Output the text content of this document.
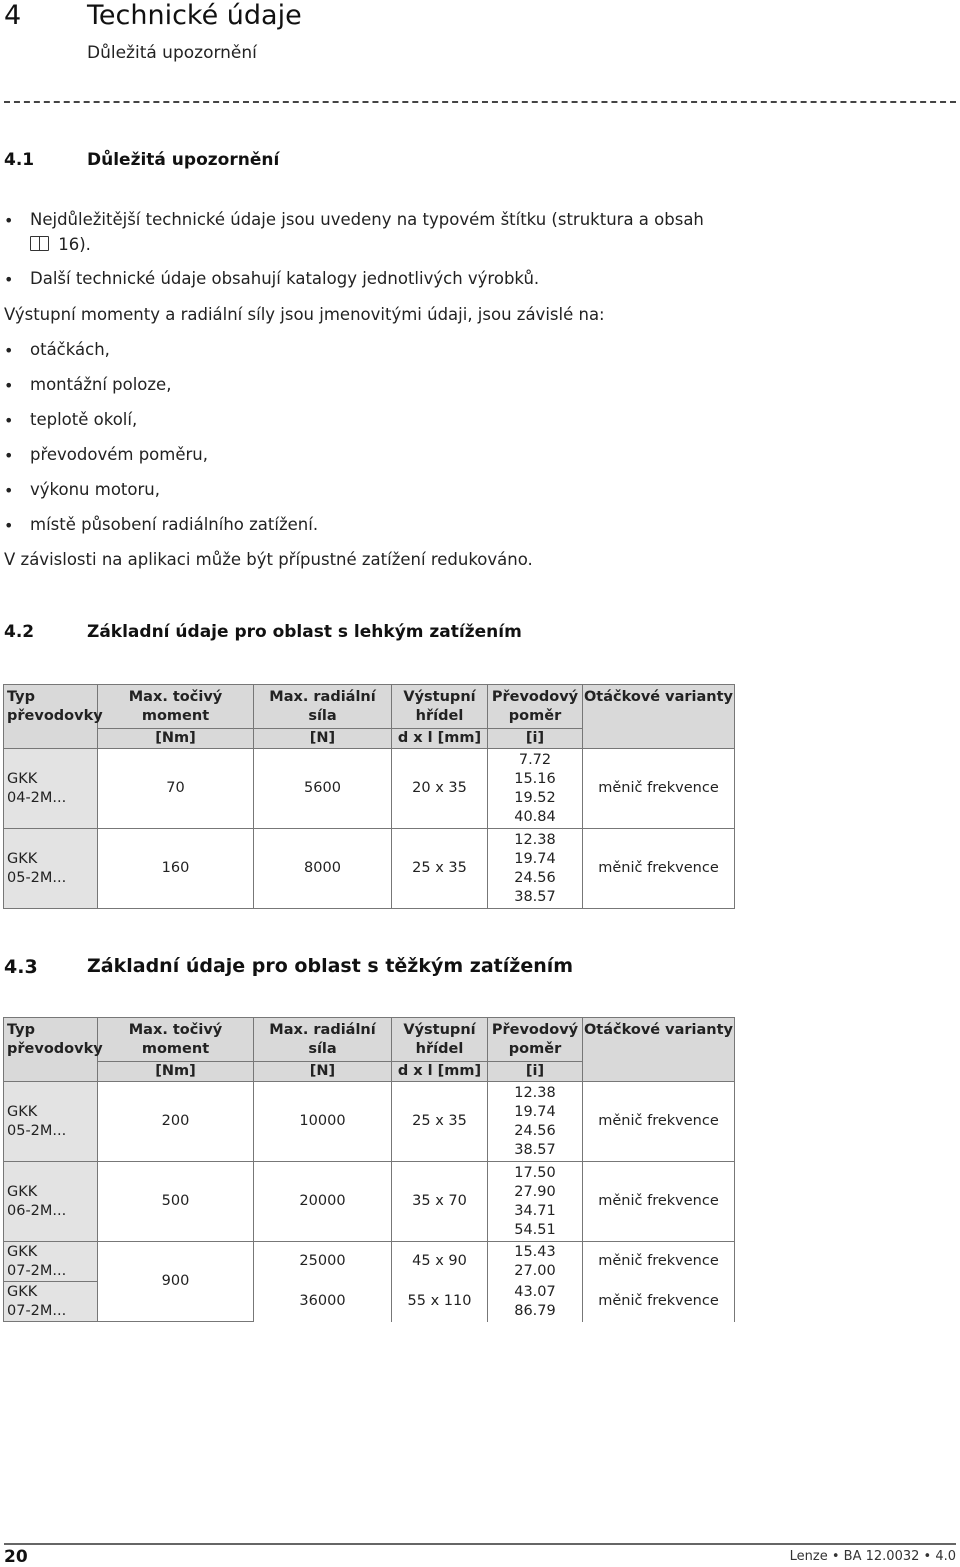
4 Technické údaje
Důležitá upozornění
4.1	Důležitá upozornění
• Nejdůležitější technické údaje jsou uvedeny na typovém štítku (struktura a obsah
16).
• Další technické údaje obsahují katalogy jednotlivých výrobků.
Výstupní momenty a radiální síly jsou jmenovitými údaji, jsou závislé na:
• otáčkách,
• montážní poloze,
• teplotě okolí,
• převodovém poměru,
• výkonu motoru,
• místě působení radiálního zatížení.
V závislosti na aplikaci může být přípustné zatížení redukováno.
4.2	Základní údaje pro oblast s lehkým zatížením
Typ převodovky	Max. točivý moment	Max. radiální síla	Výstupní
hřídel	Převodový
poměr	Otáčkové varianty
	[Nm]	[N]	d x l [mm]	[i]	
GKK
04-2M...	70	5600	20 x 35	7.72
15.16
19.52
40.84	měnič frekvence
GKK
05-2M...	160	8000	25 x 35	12.38
19.74
24.56
38.57	měnič frekvence
4.3	Základní údaje pro oblast s těžkým zatížením
Typ převodovky	Max. točivý moment	Max. radiální síla	Výstupní
hřídel	Převodový
poměr	Otáčkové varianty
	[Nm]	[N]	d x l [mm]	[i]	
GKK
05-2M...	200	10000	25 x 35	12.38
19.74
24.56
38.57	měnič frekvence
GKK
06-2M...	500	20000	35 x 70	17.50
27.90
34.71
54.51	měnič frekvence
GKK
07-2M...	900	25000	45 x 90	15.43
27.00	měnič frekvence
GKK
07-2M...		36000	55 x 110	43.07
86.79	měnič frekvence
20	Lenze • BA 12.0032 • 4.0
